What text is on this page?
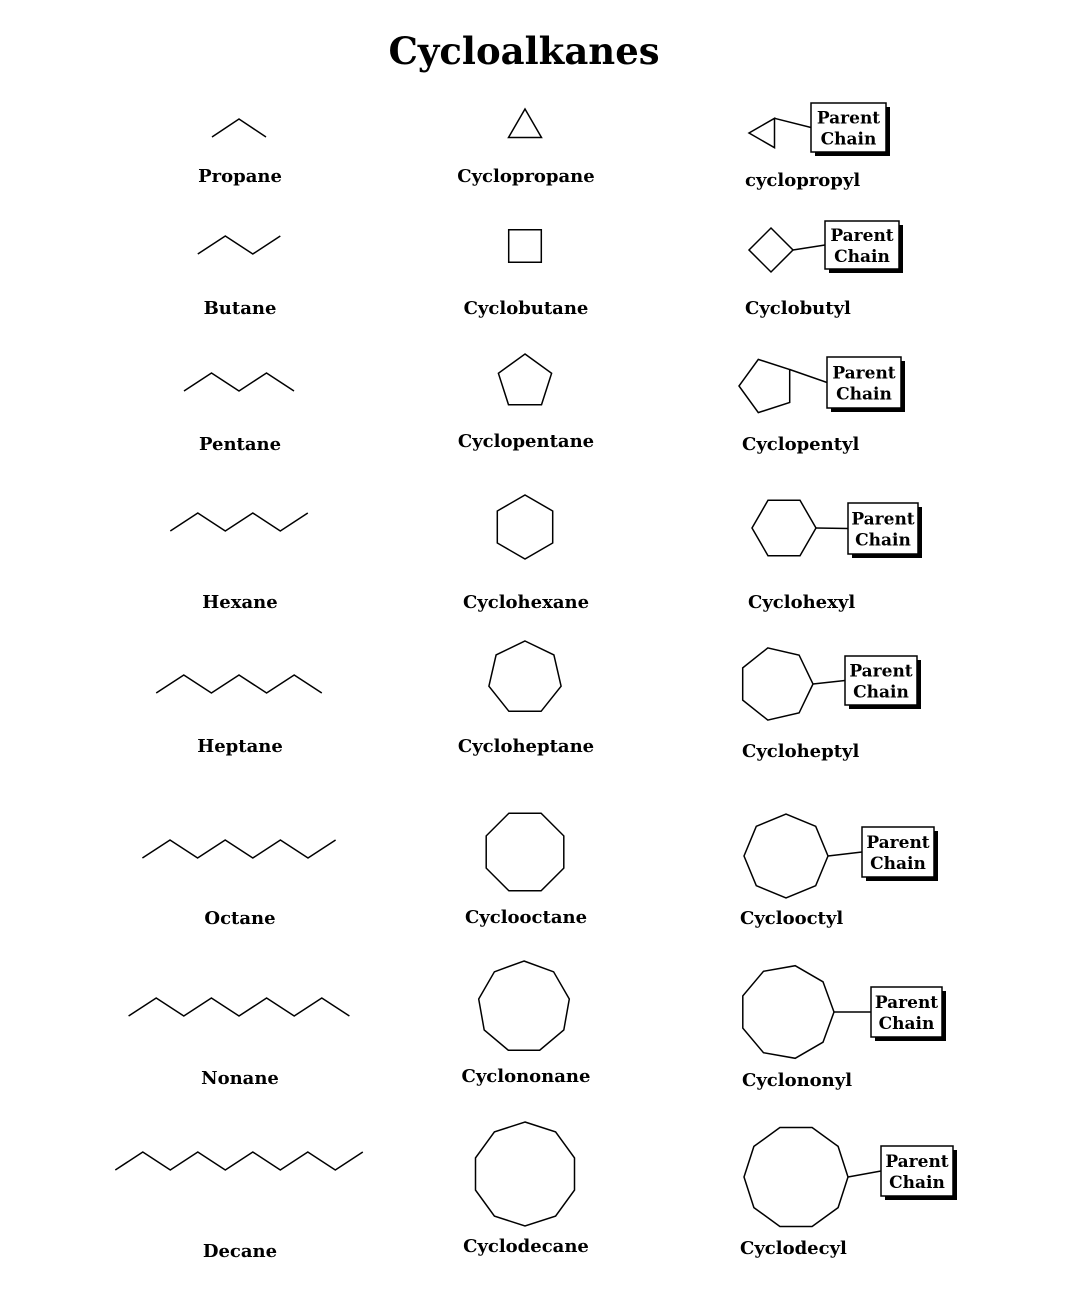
Cycloalkanes
Propane	Cyclopropane
Parent
Chain
cyclopropyl
Butane	Cyclobutane
Parent
Chain
Cyclobutyl
Pentane	Cyclopentane
Parent
Chain
Cyclopentyl
Hexane	Cyclohexane
Parent
Chain
Cyclohexyl
Heptane	Cycloheptane
Parent
Chain
Cycloheptyl
Octane	Cyclooctane
Parent
Chain
Cyclooctyl
Nonane	Cyclononane
Parent
Chain
Cyclononyl
Decane	Cyclodecane
Parent
Chain
Cyclodecyl
